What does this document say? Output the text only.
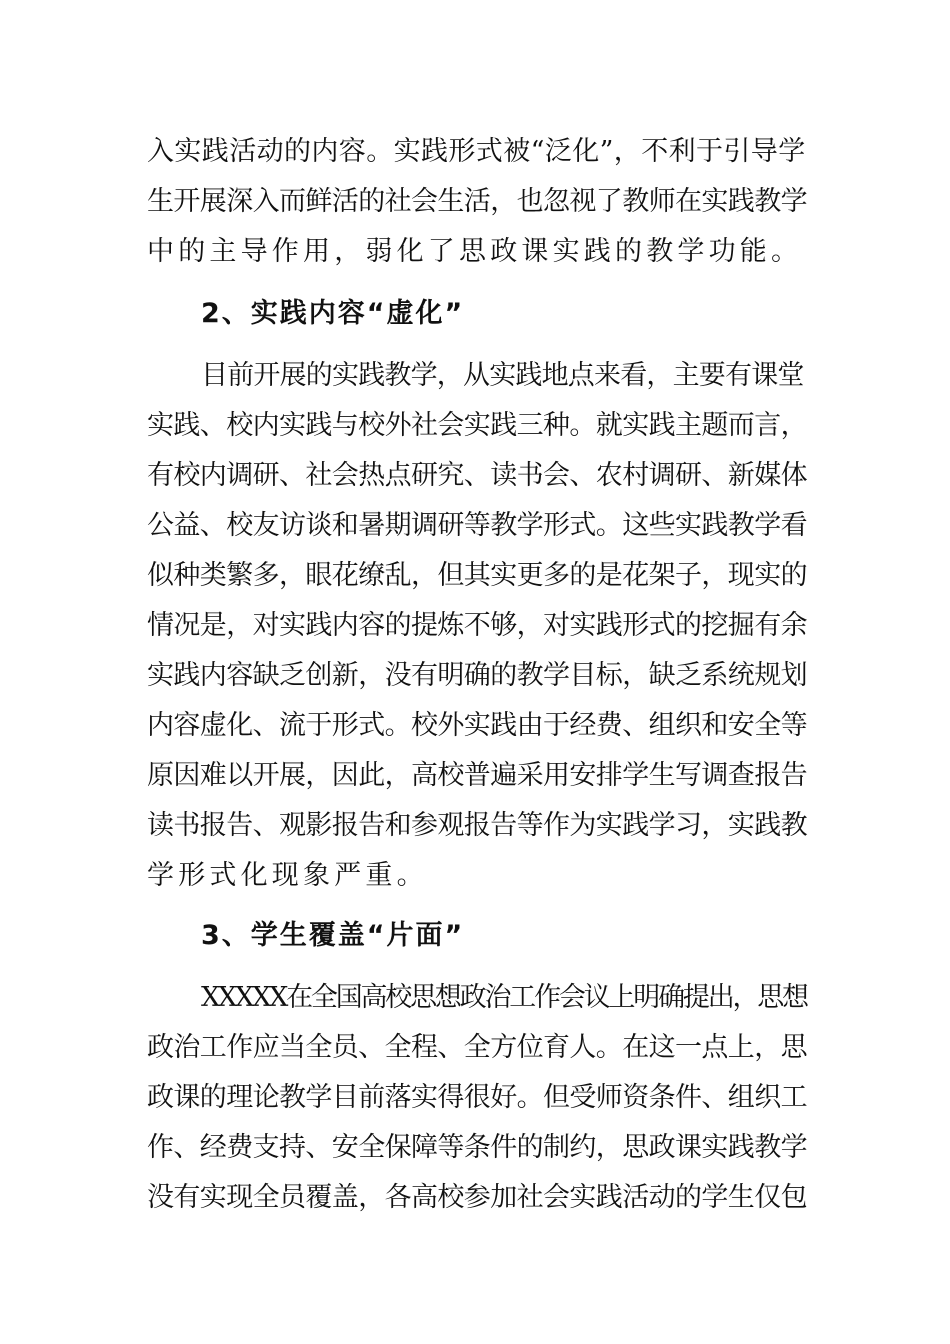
入实践活动的内容。实践形式被“泛化”，不利于引导学
生开展深入而鲜活的社会生活，也忽视了教师在实践教学
中的主导作用，弱化了思政课实践的教学功能。
2、实践内容“虚化”
目前开展的实践教学，从实践地点来看，主要有课堂
实践、校内实践与校外社会实践三种。就实践主题而言，
有校内调研、社会热点研究、读书会、农村调研、新媒体
公益、校友访谈和暑期调研等教学形式。这些实践教学看
似种类繁多，眼花缭乱，但其实更多的是花架子，现实的
情况是，对实践内容的提炼不够，对实践形式的挖掘有余
实践内容缺乏创新，没有明确的教学目标，缺乏系统规划
内容虚化、流于形式。校外实践由于经费、组织和安全等
原因难以开展，因此，高校普遍采用安排学生写调查报告
读书报告、观影报告和参观报告等作为实践学习，实践教
学形式化现象严重。
3、学生覆盖“片面”
XXXXX在全国高校思想政治工作会议上明确提出，思想
政治工作应当全员、全程、全方位育人。在这一点上，思
政课的理论教学目前落实得很好。但受师资条件、组织工
作、经费支持、安全保障等条件的制约，思政课实践教学
没有实现全员覆盖，各高校参加社会实践活动的学生仅包
